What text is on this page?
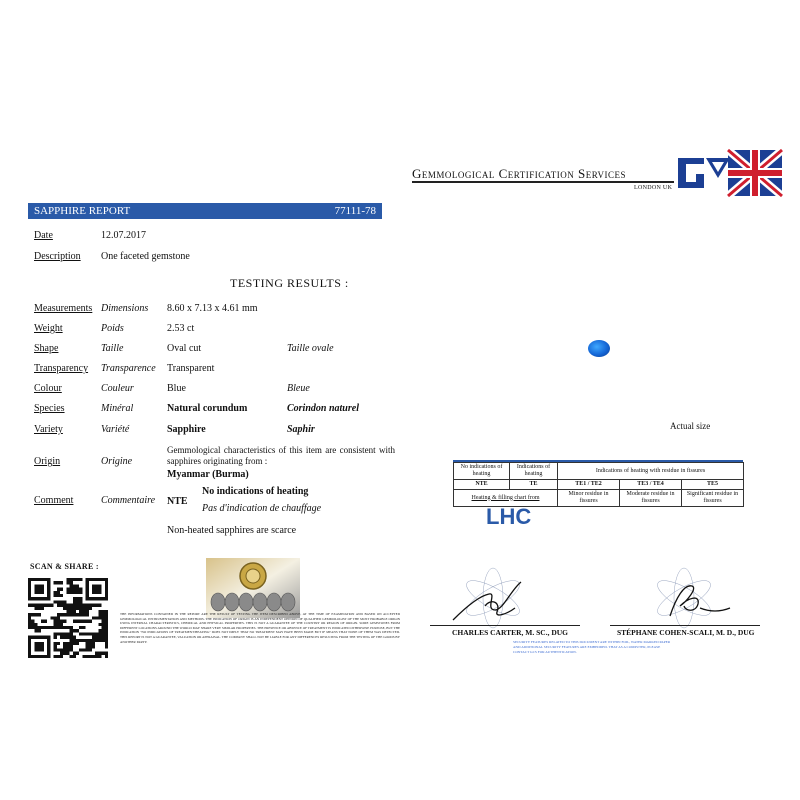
Gemmological Certification Services
LONDON UK
SAPPHIRE REPORT	77111-78
Date	12.07.2017
Description One faceted gemstone
TESTING RESULTS :
Measurements Dimensions 8.60 x 7.13 x 4.61 mm
Weight	Poids	2.53 ct
Shape	Taille	Oval cut	Taille ovale
Transparency Transparence Transparent
Colour	Couleur	Blue	Bleue
Species	Minéral	Natural corundum	Corindon naturel
Variety	Variété	Sapphire	Saphir
Origin	Origine
Gemmological characteristics of this item are consistent with sapphires originating from :
Myanmar (Burma)
Comment	Commentaire NTE
No indications of heating
Pas d'indication de chauffage
Non-heated sapphires are scarce
Actual size
No indications of heating	Indications of heating	Indications of heating with residue in fissures		
NTE	TE	TE1 / TE2	TE3 / TE4	TE5
Heating & filling chart from		Minor residue in fissures	Moderate residue in fissures	Significant residue in fissures
LHC
SCAN & SHARE :
THE INFORMATIONS CONTAINED IN THE REPORT ARE THE RESULT OF TESTING THE ITEM DESCRIBED ABOVE, AT THE TIME OF EXAMINATION AND BASED ON ACCEPTED GEMMOLOGICAL INSTRUMENTATION AND METHODS. THE INDICATION OF ORIGIN IS AN INDEPENDENT OPINION OF QUALIFIED GEMMOLOGIST OF THE MOST PROBABLE ORIGIN USING INTERNAL CHARACTERISTICS, CHEMICAL AND PHYSICAL PROPERTIES. THIS IS NOT A GUARANTEE OF THE COUNTRY OR REGION OF ORIGIN. SOME GEMSTONES FROM DIFFERENT LOCATIONS AROUND THE WORLD MAY SHARE VERY SIMILAR PROPERTIES. THE PRESENCE OR ABSENCE OF TREATMENT IS INDICATED OTHERWISE PURPOSE, BUT THE INDICATION "NO INDICATIONS OF TREATMENT/HEATING" DOES NOT IMPLY THAT NO TREATMENT MAY HAVE BEEN MADE BUT IF MEANS THAT NONE OF THEM WAS DETECTED. THIS REPORT IS NOT A GUARANTEE, VALUATION OR APPRAISAL. THE COMPANY SHALL NOT BE LIABLE FOR ANY DIFFERENCES RESULTING FROM THE TESTING OF THE GOODS BY ANOTHER PARTY.
CHARLES CARTER, M. SC., DUG	STÉPHANE COHEN-SCALI, M. D., DUG
SECURITY FEATURES RELATED TO THIS DOCUMENT ARE WITHIN FOIL, WATER MARKED PAPER AND ADDITIONAL SECURITY FEATURES ARE EMBEDDED. THAT AS A COMPUTER, PLEASE CONTACT GCS FOR AUTHENTICATION.
